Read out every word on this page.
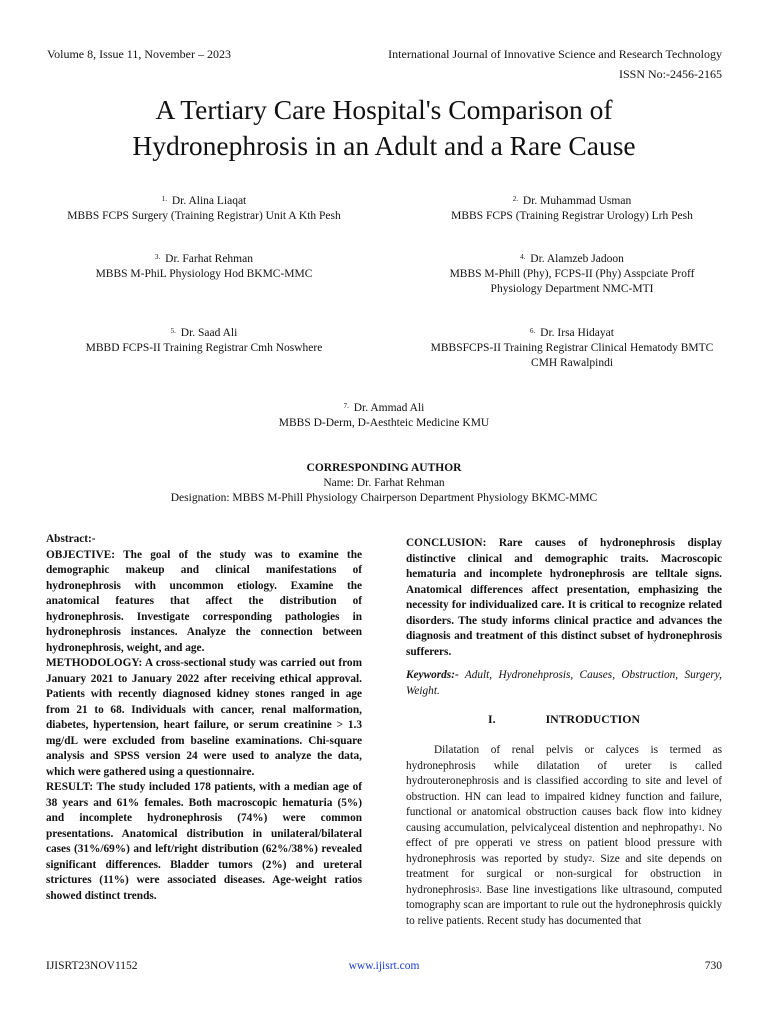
Volume 8, Issue 11, November – 2023	International Journal of Innovative Science and Research Technology
ISSN No:-2456-2165
A Tertiary Care Hospital's Comparison of
Hydronephrosis in an Adult and a Rare Cause
$^{1.}$ Dr. Alina Liaqat
MBBS FCPS Surgery (Training Registrar) Unit A Kth Pesh
$^{2.}$ Dr. Muhammad Usman
MBBS FCPS (Training Registrar Urology) Lrh Pesh
$^{3.}$ Dr. Farhat Rehman
MBBS M-PhiL Physiology Hod BKMC-MMC
$^{4.}$ Dr. Alamzeb Jadoon
MBBS M-Phill (Phy), FCPS-II (Phy) Asspciate Proff
Physiology Department NMC-MTI
$^{5.}$ Dr. Saad Ali
MBBD FCPS-II Training Registrar Cmh Noswhere
$^{6.}$ Dr. Irsa Hidayat
MBBSFCPS-II Training Registrar Clinical Hematody BMTC
CMH Rawalpindi
$^{7.}$ Dr. Ammad Ali
MBBS D-Derm, D-Aesthteic Medicine KMU
CORRESPONDING AUTHOR
Name: Dr. Farhat Rehman
Designation: MBBS M-Phill Physiology Chairperson Department Physiology BKMC-MMC
Abstract:-
OBJECTIVE: The goal of the study was to examine the demographic makeup and clinical manifestations of hydronephrosis with uncommon etiology. Examine the anatomical features that affect the distribution of hydronephrosis. Investigate corresponding pathologies in hydronephrosis instances. Analyze the connection between hydronephrosis, weight, and age.
METHODOLOGY: A cross-sectional study was carried out from January 2021 to January 2022 after receiving ethical approval. Patients with recently diagnosed kidney stones ranged in age from 21 to 68. Individuals with cancer, renal malformation, diabetes, hypertension, heart failure, or serum creatinine > 1.3 mg/dL were excluded from baseline examinations. Chi-square analysis and SPSS version 24 were used to analyze the data, which were gathered using a questionnaire.
RESULT: The study included 178 patients, with a median age of 38 years and 61% females. Both macroscopic hematuria (5%) and incomplete hydronephrosis (74%) were common presentations. Anatomical distribution in unilateral/bilateral cases (31%/69%) and left/right distribution (62%/38%) revealed significant differences. Bladder tumors (2%) and ureteral strictures (11%) were associated diseases. Age-weight ratios showed distinct trends.
CONCLUSION: Rare causes of hydronephrosis display distinctive clinical and demographic traits. Macroscopic hematuria and incomplete hydronephrosis are telltale signs. Anatomical differences affect presentation, emphasizing the necessity for individualized care. It is critical to recognize related disorders. The study informs clinical practice and advances the diagnosis and treatment of this distinct subset of hydronephrosis sufferers.
Keywords:- Adult, Hydronehprosis, Causes, Obstruction, Surgery, Weight.
I.	INTRODUCTION
Dilatation of renal pelvis or calyces is termed as hydronephrosis while dilatation of ureter is called hydrouteronephrosis and is classified according to site and level of obstruction. HN can lead to impaired kidney function and failure, functional or anatomical obstruction causes back flow into kidney causing accumulation, pelvicalyceal distention and nephropathy$^1$. No effect of pre opperati ve stress on patient blood pressure with hydronephrosis was reported by study$^2$. Size and site depends on treatment for surgical or non-surgical for obstruction in hydronephrosis$^3$. Base line investigations like ultrasound, computed tomography scan are important to rule out the hydronephrosis quickly to relive patients. Recent study has documented that
IJISRT23NOV1152	www.ijisrt.com	730
